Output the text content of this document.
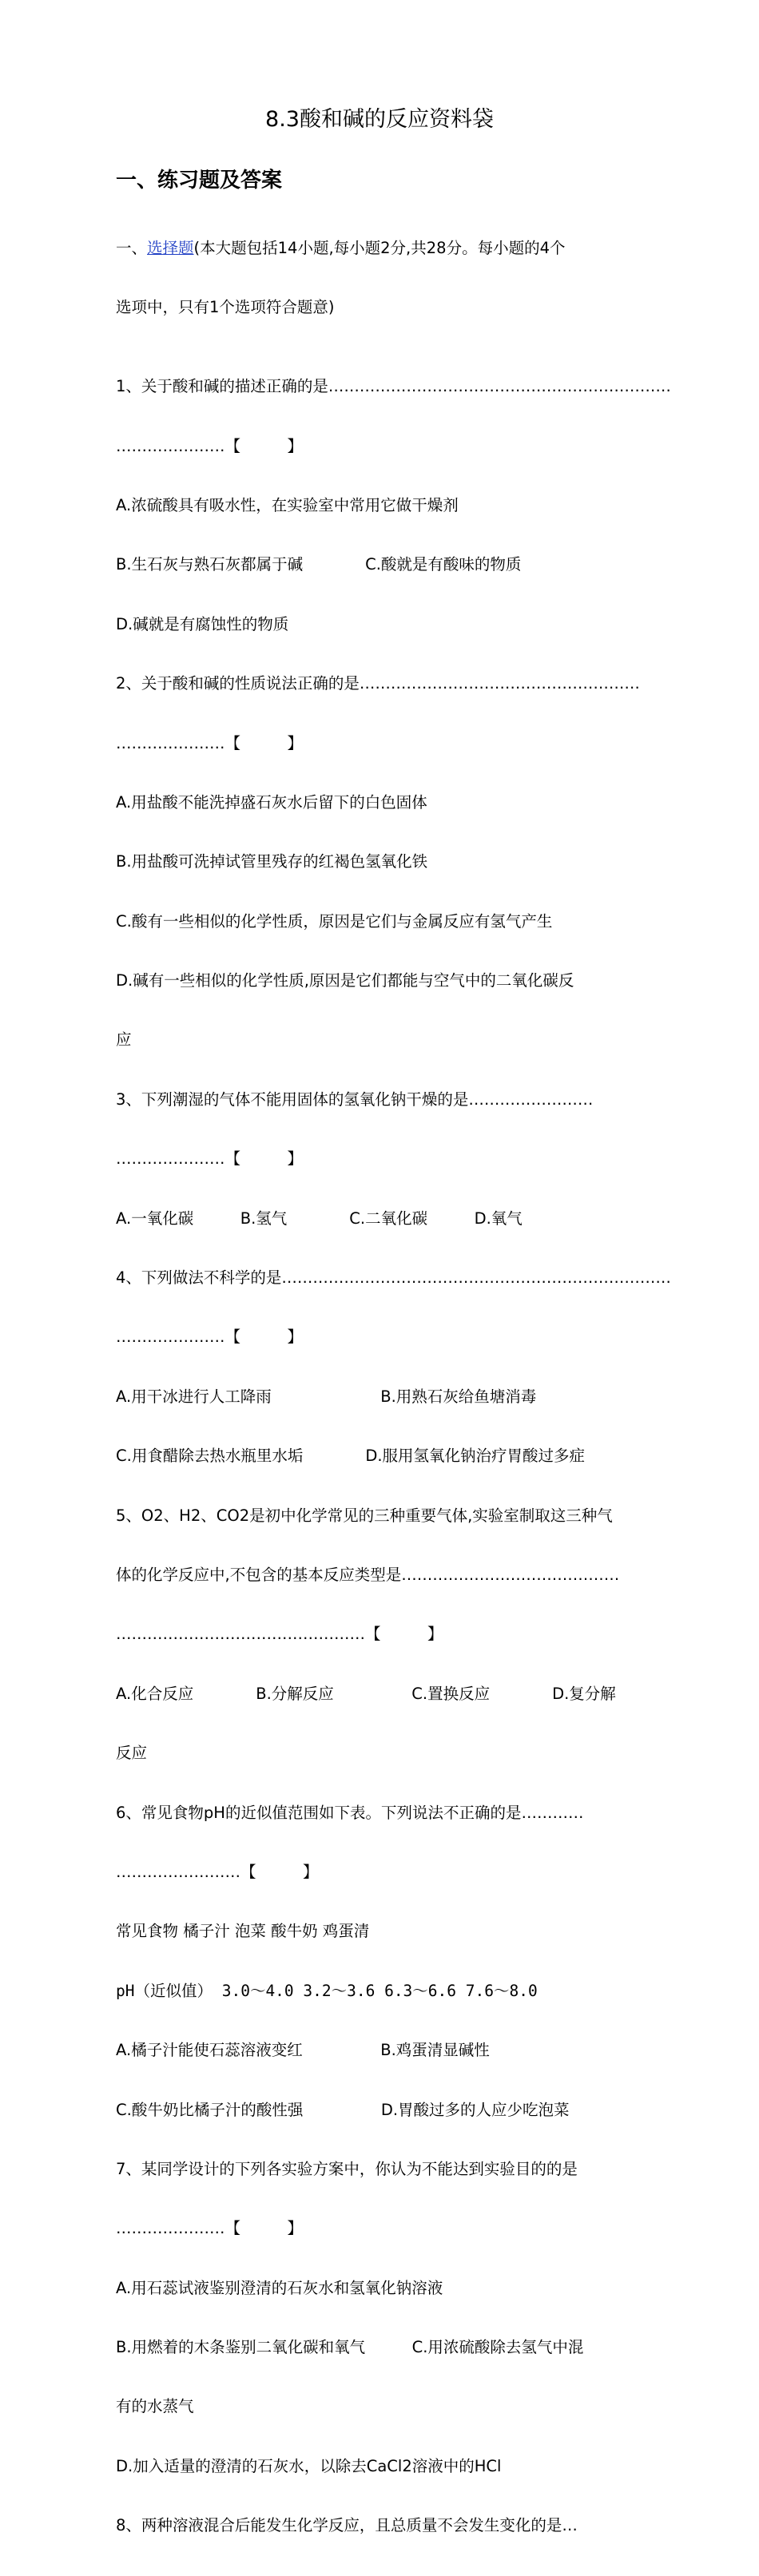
8.3酸和碱的反应资料袋
一、练习题及答案

一、选择题(本大题包括14小题,每小题2分,共28分。每小题的4个

选项中，只有1个选项符合题意)

1、关于酸和碱的描述正确的是…………………………………………………………

…………………【　　　】

A.浓硫酸具有吸水性，在实验室中常用它做干燥剂

B.生石灰与熟石灰都属于碱　　　　C.酸就是有酸味的物质

D.碱就是有腐蚀性的物质

2、关于酸和碱的性质说法正确的是………………………………………………

…………………【　　　】

A.用盐酸不能洗掉盛石灰水后留下的白色固体

B.用盐酸可洗掉试管里残存的红褐色氢氧化铁

C.酸有一些相似的化学性质，原因是它们与金属反应有氢气产生

D.碱有一些相似的化学性质,原因是它们都能与空气中的二氧化碳反

应

3、下列潮湿的气体不能用固体的氢氧化钠干燥的是……………………

…………………【　　　】

A.一氧化碳　　　B.氢气　　　　C.二氧化碳　　　D.氧气

4、下列做法不科学的是…………………………………………………………………

…………………【　　　】

A.用干冰进行人工降雨　　　　　　　B.用熟石灰给鱼塘消毒

C.用食醋除去热水瓶里水垢　　　　D.服用氢氧化钠治疗胃酸过多症

5、O2、H2、CO2是初中化学常见的三种重要气体,实验室制取这三种气

体的化学反应中,不包含的基本反应类型是……………………………………

…………………………………………【　　　】

A.化合反应　　　　B.分解反应　　　　　C.置换反应　　　　D.复分解

反应

6、常见食物pH的近似值范围如下表。下列说法不正确的是…………

……………………【　　　】

常见食物 橘子汁 泡菜 酸牛奶 鸡蛋清

pH（近似值） 3.0～4.0 3.2～3.6 6.3～6.6 7.6～8.0

A.橘子汁能使石蕊溶液变红　　　　　B.鸡蛋清显碱性

C.酸牛奶比橘子汁的酸性强　　　　　D.胃酸过多的人应少吃泡菜

7、某同学设计的下列各实验方案中，你认为不能达到实验目的的是

…………………【　　　】

A.用石蕊试液鉴别澄清的石灰水和氢氧化钠溶液

B.用燃着的木条鉴别二氧化碳和氧气　　　C.用浓硫酸除去氢气中混

有的水蒸气

D.加入适量的澄清的石灰水，以除去CaCl2溶液中的HCl

8、两种溶液混合后能发生化学反应，且总质量不会发生变化的是…
